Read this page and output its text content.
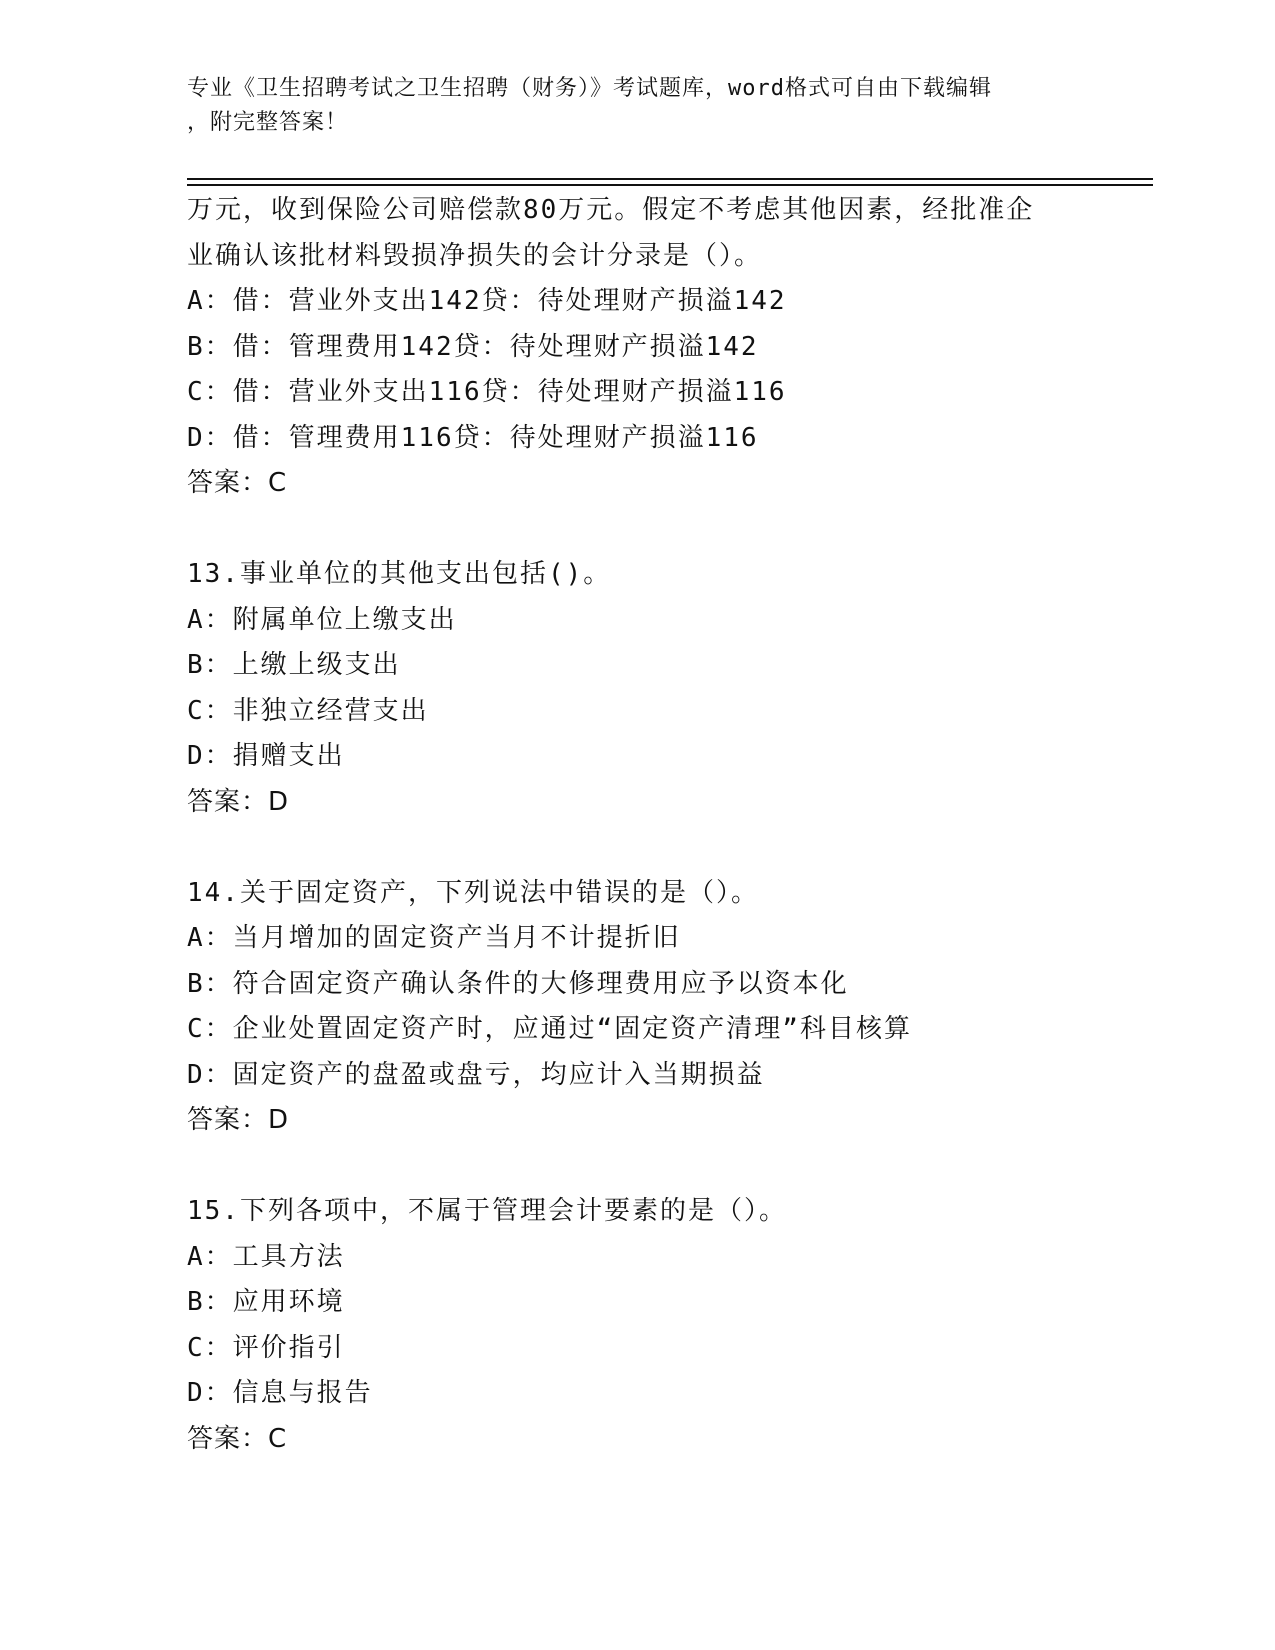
专业《卫生招聘考试之卫生招聘（财务）》考试题库，word格式可自由下载编辑
，附完整答案！
万元，收到保险公司赔偿款80万元。假定不考虑其他因素，经批准企
业确认该批材料毁损净损失的会计分录是（）。
A：借：营业外支出142贷：待处理财产损溢142
B：借：管理费用142贷：待处理财产损溢142
C：借：营业外支出116贷：待处理财产损溢116
D：借：管理费用116贷：待处理财产损溢116
答案：C
13.事业单位的其他支出包括()。
A：附属单位上缴支出
B：上缴上级支出
C：非独立经营支出
D：捐赠支出
答案：D
14.关于固定资产，下列说法中错误的是（）。
A：当月增加的固定资产当月不计提折旧
B：符合固定资产确认条件的大修理费用应予以资本化
C：企业处置固定资产时，应通过“固定资产清理”科目核算
D：固定资产的盘盈或盘亏，均应计入当期损益
答案：D
15.下列各项中，不属于管理会计要素的是（）。
A：工具方法
B：应用环境
C：评价指引
D：信息与报告
答案：C
